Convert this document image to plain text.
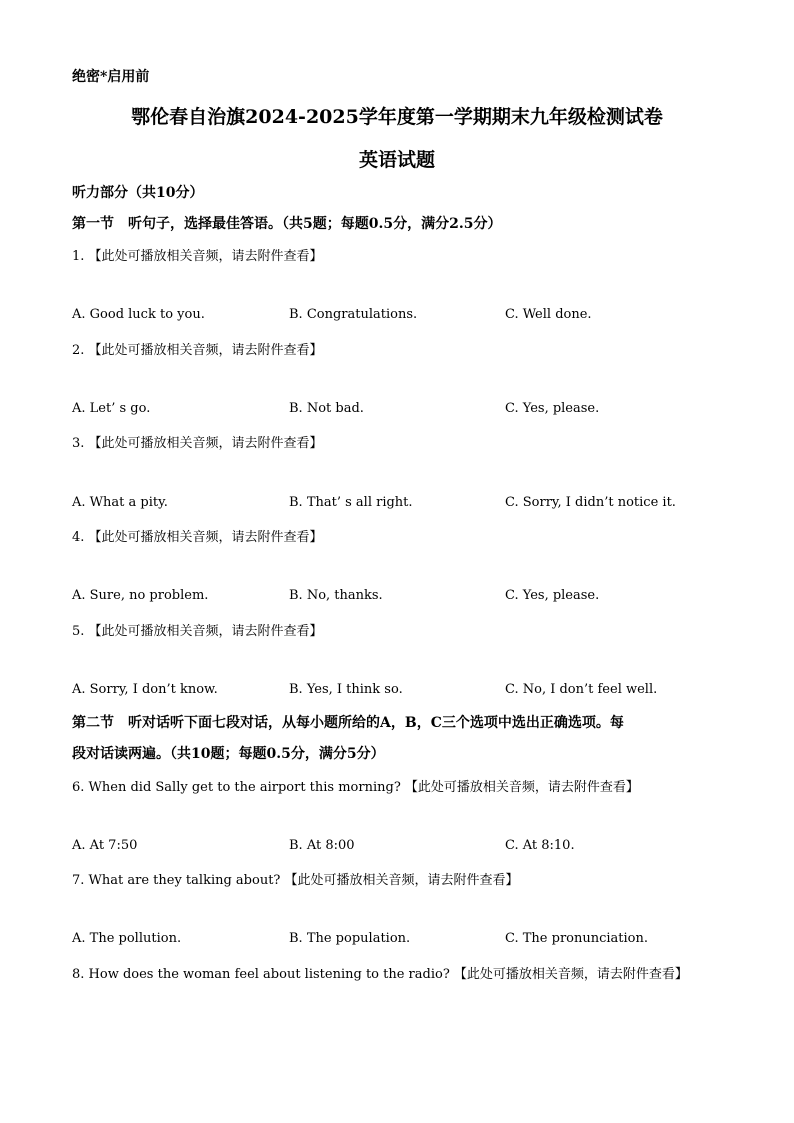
绝密*启用前
鄂伦春自治旗2024-2025学年度第一学期期末九年级检测试卷
英语试题
听力部分（共10分）
第一节　听句子，选择最佳答语。（共5题；每题0.5分，满分2.5分）
1. 【此处可播放相关音频，请去附件查看】
A. Good luck to you.	B. Congratulations.	C. Well done.
2. 【此处可播放相关音频，请去附件查看】
A. Let’ s go.	B. Not bad.	C. Yes, please.
3. 【此处可播放相关音频，请去附件查看】
A. What a pity.	B. That’ s all right.	C. Sorry, I didn’t notice it.
4. 【此处可播放相关音频，请去附件查看】
A. Sure, no problem.	B. No, thanks.	C. Yes, please.
5. 【此处可播放相关音频，请去附件查看】
A. Sorry, I don’t know.	B. Yes, I think so.	C. No, I don’t feel well.
第二节　听对话听下面七段对话，从每小题所给的A，B，C三个选项中选出正确选项。每
段对话读两遍。（共10题；每题0.5分，满分5分）
6. When did Sally get to the airport this morning? 【此处可播放相关音频，请去附件查看】
A. At 7:50	B. At 8:00	C. At 8:10.
7. What are they talking about? 【此处可播放相关音频，请去附件查看】
A. The pollution.	B. The population.	C. The pronunciation.
8. How does the woman feel about listening to the radio? 【此处可播放相关音频，请去附件查看】
